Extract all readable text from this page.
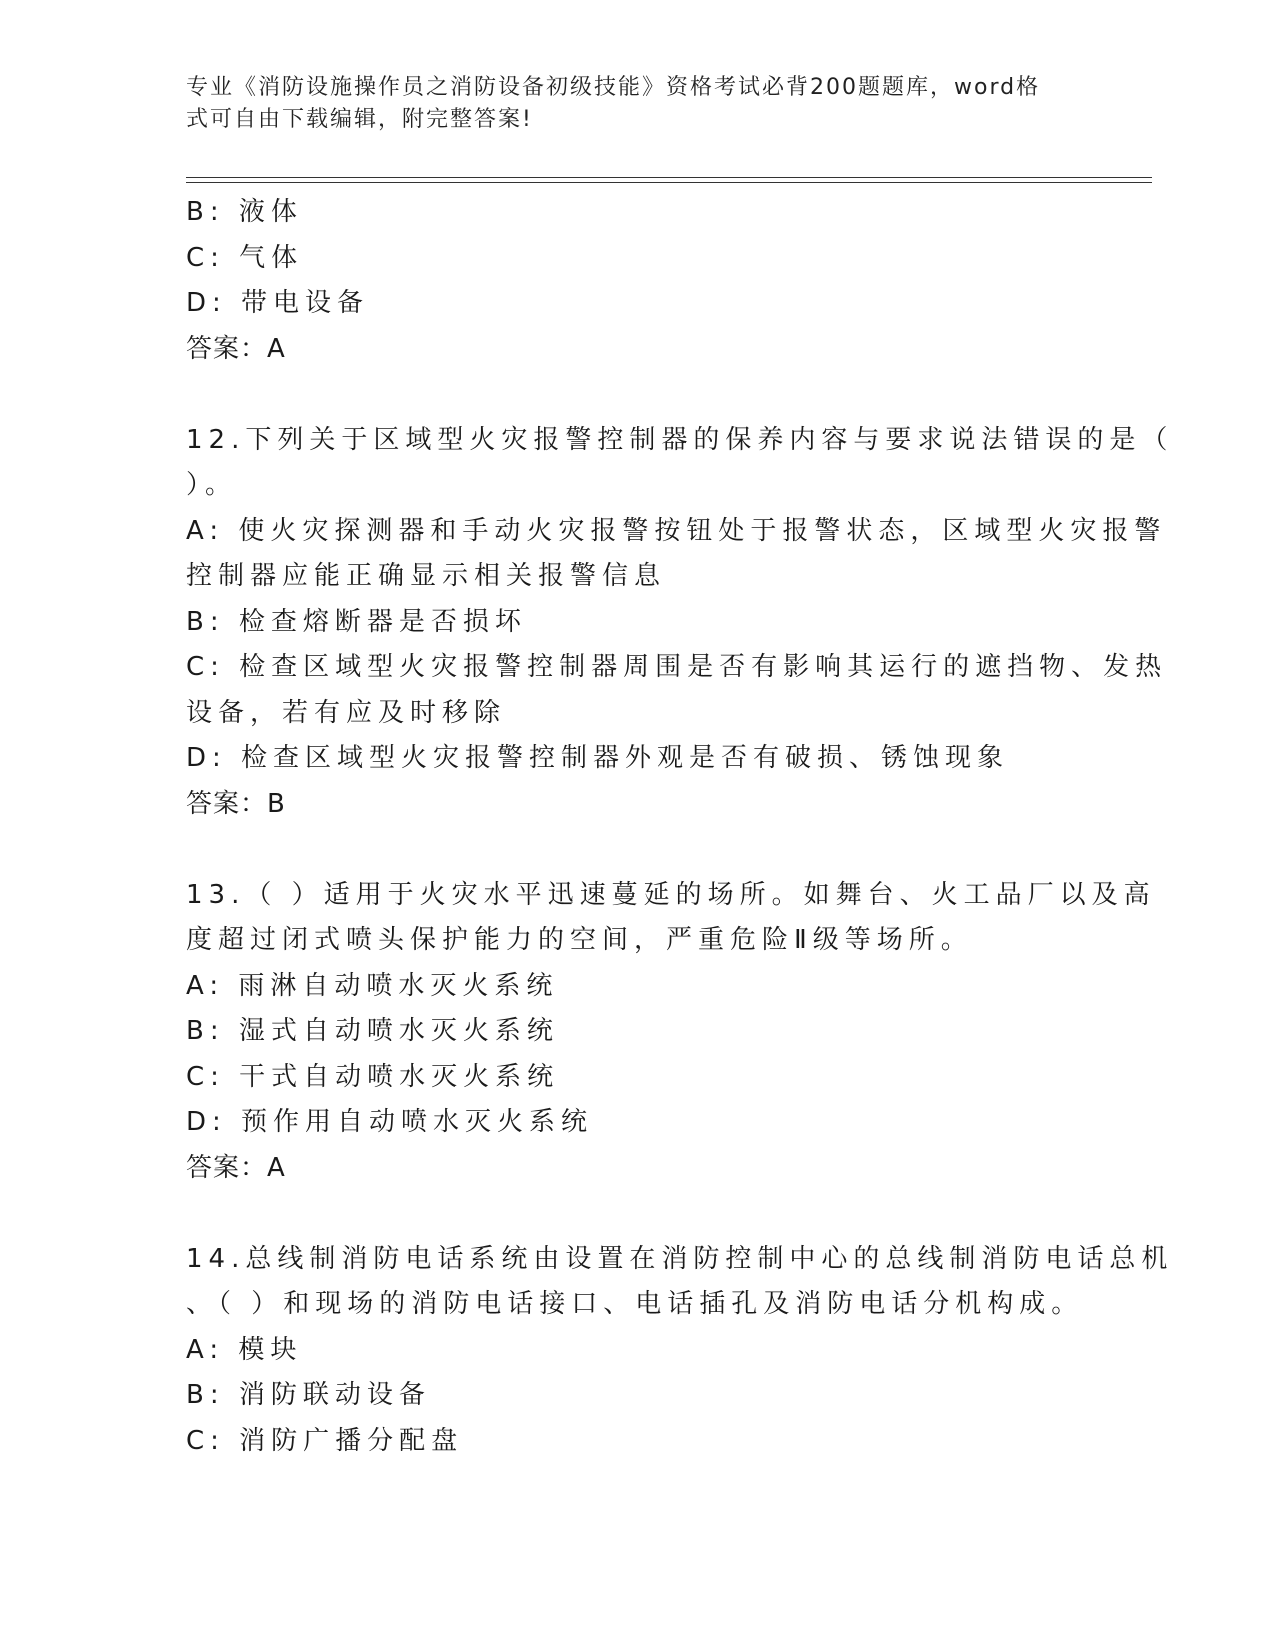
专业《消防设施操作员之消防设备初级技能》资格考试必背200题题库，word格
式可自由下载编辑，附完整答案!
B: 液体
C: 气体
D: 带电设备
答案：A
12.下列关于区域型火灾报警控制器的保养内容与要求说法错误的是（
）。
A: 使火灾探测器和手动火灾报警按钮处于报警状态，区域型火灾报警
控制器应能正确显示相关报警信息
B: 检查熔断器是否损坏
C: 检查区域型火灾报警控制器周围是否有影响其运行的遮挡物、发热
设备，若有应及时移除
D: 检查区域型火灾报警控制器外观是否有破损、锈蚀现象
答案：B
13.（ ）适用于火灾水平迅速蔓延的场所。如舞台、火工品厂以及高
度超过闭式喷头保护能力的空间，严重危险Ⅱ级等场所。
A: 雨淋自动喷水灭火系统
B: 湿式自动喷水灭火系统
C: 干式自动喷水灭火系统
D: 预作用自动喷水灭火系统
答案：A
14.总线制消防电话系统由设置在消防控制中心的总线制消防电话总机
、（ ）和现场的消防电话接口、电话插孔及消防电话分机构成。
A: 模块
B: 消防联动设备
C: 消防广播分配盘
